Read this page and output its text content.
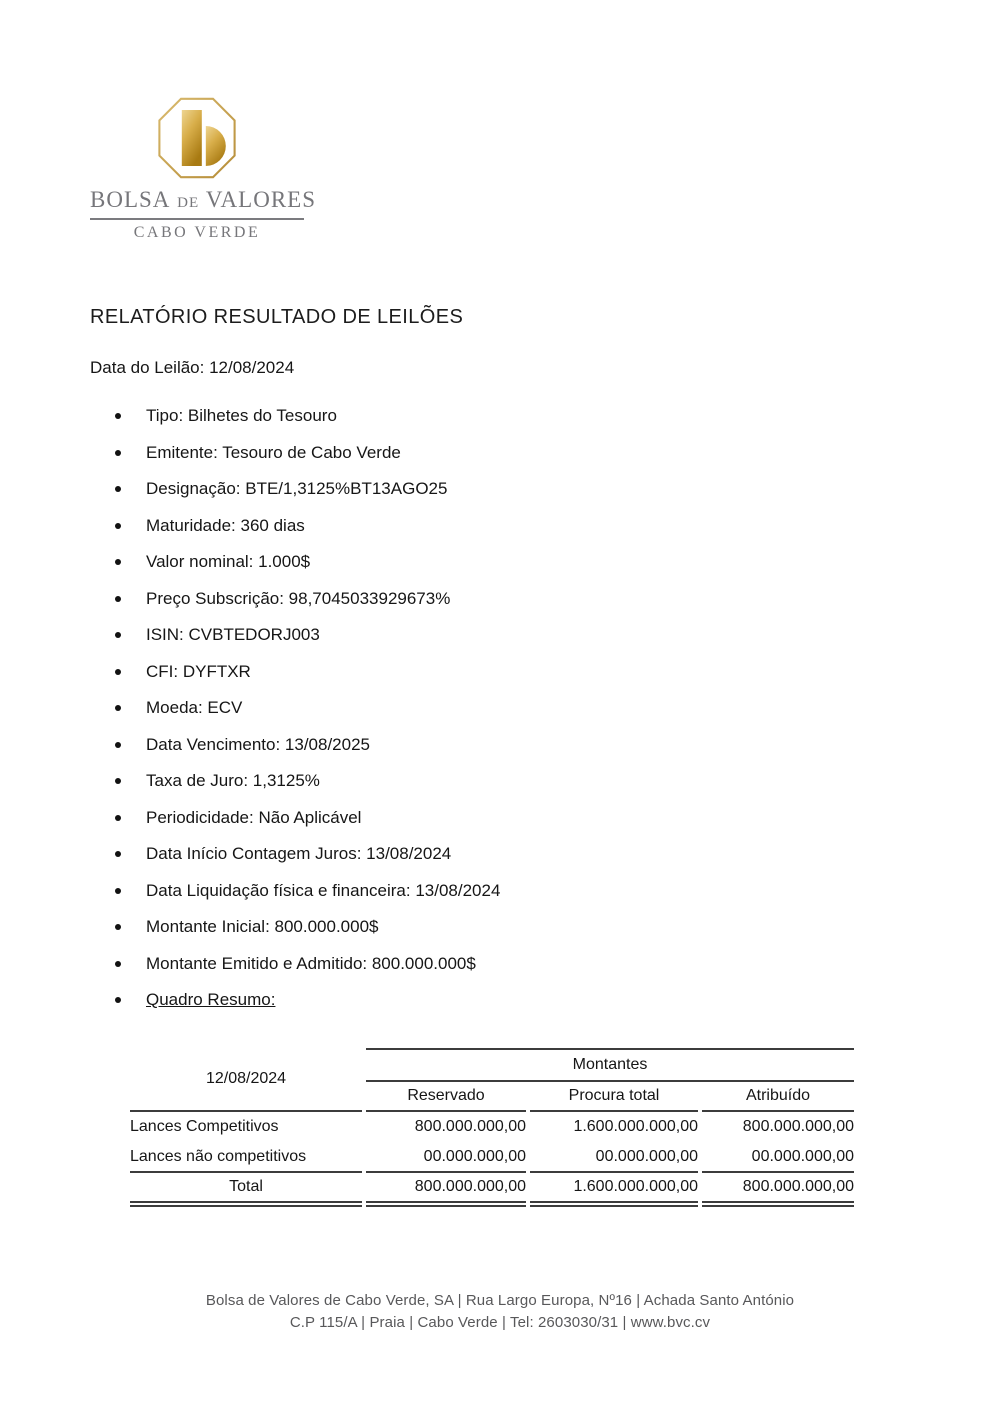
BOLSA DE VALORES
CABO VERDE
RELATÓRIO RESULTADO DE LEILÕES
Data do Leilão: 12/08/2024
Tipo: Bilhetes do Tesouro
Emitente: Tesouro de Cabo Verde
Designação: BTE/1,3125%BT13AGO25
Maturidade: 360 dias
Valor nominal: 1.000$
Preço Subscrição: 98,7045033929673%
ISIN: CVBTEDORJ003
CFI: DYFTXR
Moeda: ECV
Data Vencimento: 13/08/2025
Taxa de Juro: 1,3125%
Periodicidade: Não Aplicável
Data Início Contagem Juros: 13/08/2024
Data Liquidação física e financeira: 13/08/2024
Montante Inicial: 800.000.000$
Montante Emitido e Admitido: 800.000.000$
Quadro Resumo:
12/08/2024	Montantes		
	Reservado	Procura total	Atribuído
Lances Competitivos	800.000.000,00	1.600.000.000,00	800.000.000,00
Lances não competitivos	00.000.000,00	00.000.000,00	00.000.000,00
Total	800.000.000,00	1.600.000.000,00	800.000.000,00
Bolsa de Valores de Cabo Verde, SA | Rua Largo Europa, Nº16 | Achada Santo António
C.P 115/A | Praia | Cabo Verde | Tel: 2603030/31 | www.bvc.cv
